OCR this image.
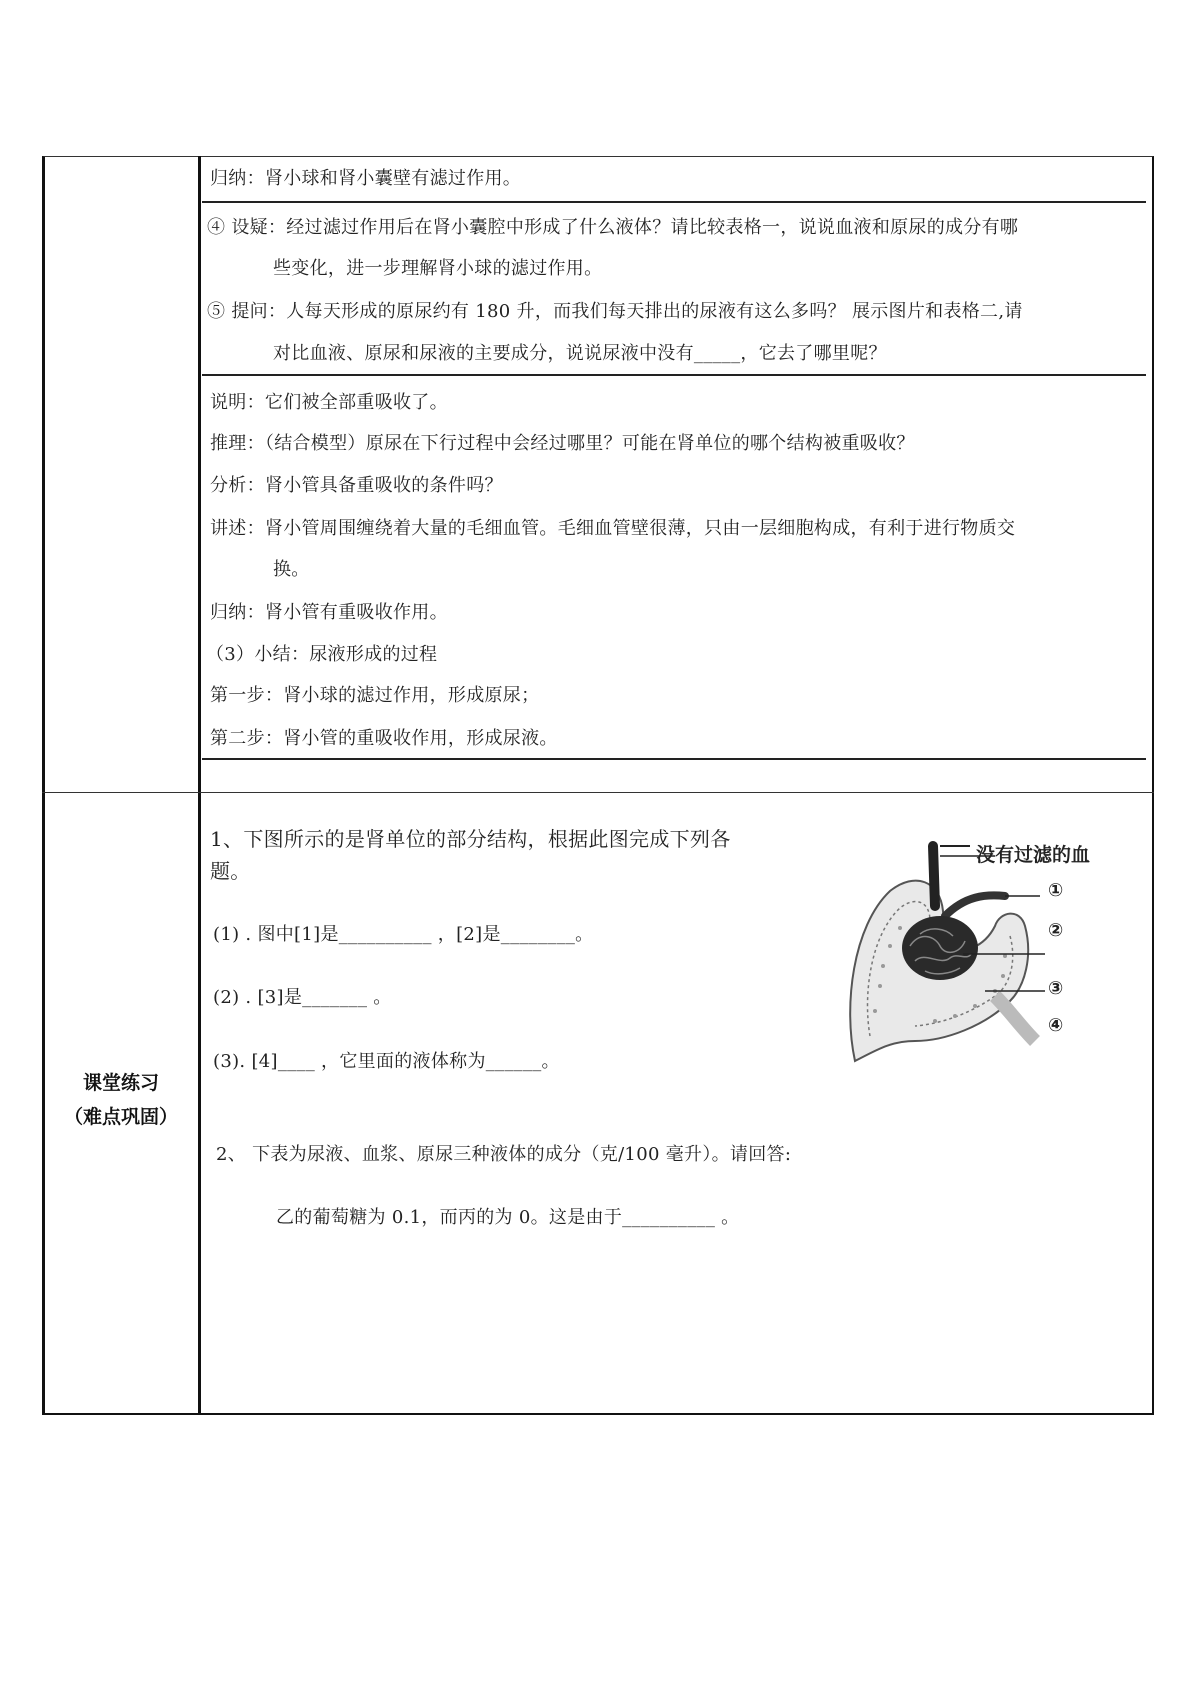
归纳：肾小球和肾小囊壁有滤过作用。
④ 设疑：经过滤过作用后在肾小囊腔中形成了什么液体？请比较表格一，说说血液和原尿的成分有哪
些变化，进一步理解肾小球的滤过作用。
⑤ 提问：人每天形成的原尿约有 180 升，而我们每天排出的尿液有这么多吗？ 展示图片和表格二,请
对比血液、原尿和尿液的主要成分，说说尿液中没有_____，它去了哪里呢？
说明：它们被全部重吸收了。
推理：（结合模型）原尿在下行过程中会经过哪里？可能在肾单位的哪个结构被重吸收？
分析：肾小管具备重吸收的条件吗？
讲述：肾小管周围缠绕着大量的毛细血管。毛细血管壁很薄，只由一层细胞构成，有利于进行物质交
换。
归纳：肾小管有重吸收作用。
（3）小结：尿液形成的过程
第一步：肾小球的滤过作用，形成原尿；
第二步：肾小管的重吸收作用，形成尿液。
课堂练习
（难点巩固）
1、下图所示的是肾单位的部分结构，根据此图完成下列各
题。
(1) . 图中[1]是__________ ，[2]是________。
(2) . [3]是_______ 。
(3). [4]____ ，它里面的液体称为______。
2、 下表为尿液、血浆、原尿三种液体的成分（克/100 毫升）。请回答:
乙的葡萄糖为 0.1，而丙的为 0。这是由于__________ 。
没有过滤的血
①
②
③
④
